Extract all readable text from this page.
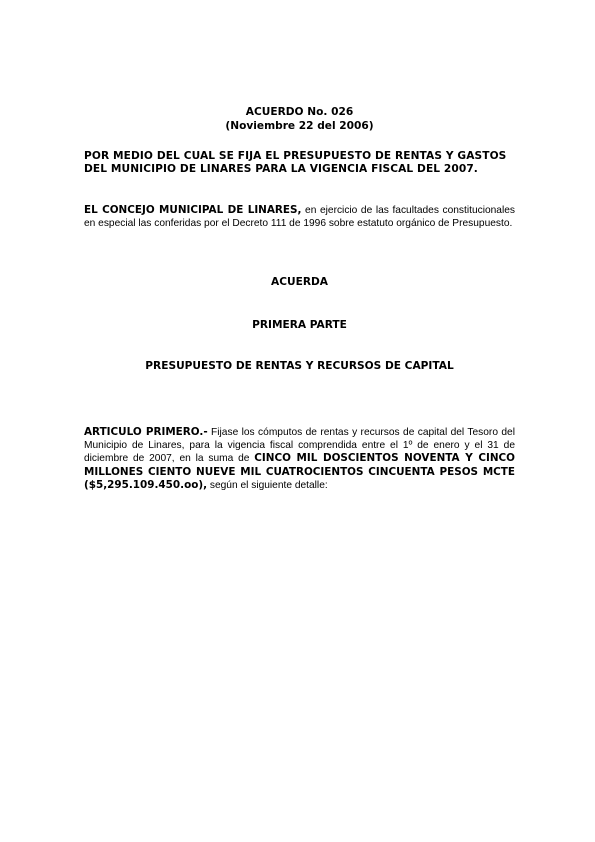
ACUERDO No. 026
(Noviembre 22 del 2006)
POR MEDIO DEL CUAL SE FIJA EL PRESUPUESTO DE RENTAS Y GASTOS DEL MUNICIPIO DE LINARES PARA LA VIGENCIA FISCAL DEL 2007.
EL CONCEJO MUNICIPAL DE LINARES, en ejercicio de las facultades constitucionales en especial las conferidas por el Decreto 111 de 1996 sobre estatuto orgánico de Presupuesto.
ACUERDA
PRIMERA PARTE
PRESUPUESTO DE RENTAS Y RECURSOS DE CAPITAL
ARTICULO PRIMERO.- Fijase los cómputos de rentas y recursos de capital del Tesoro del Municipio de Linares, para la vigencia fiscal comprendida entre el 1º de enero y el 31 de diciembre de 2007, en la suma de CINCO MIL DOSCIENTOS NOVENTA Y CINCO MILLONES CIENTO NUEVE MIL CUATROCIENTOS CINCUENTA PESOS MCTE ($5,295.109.450.oo), según el siguiente detalle:
